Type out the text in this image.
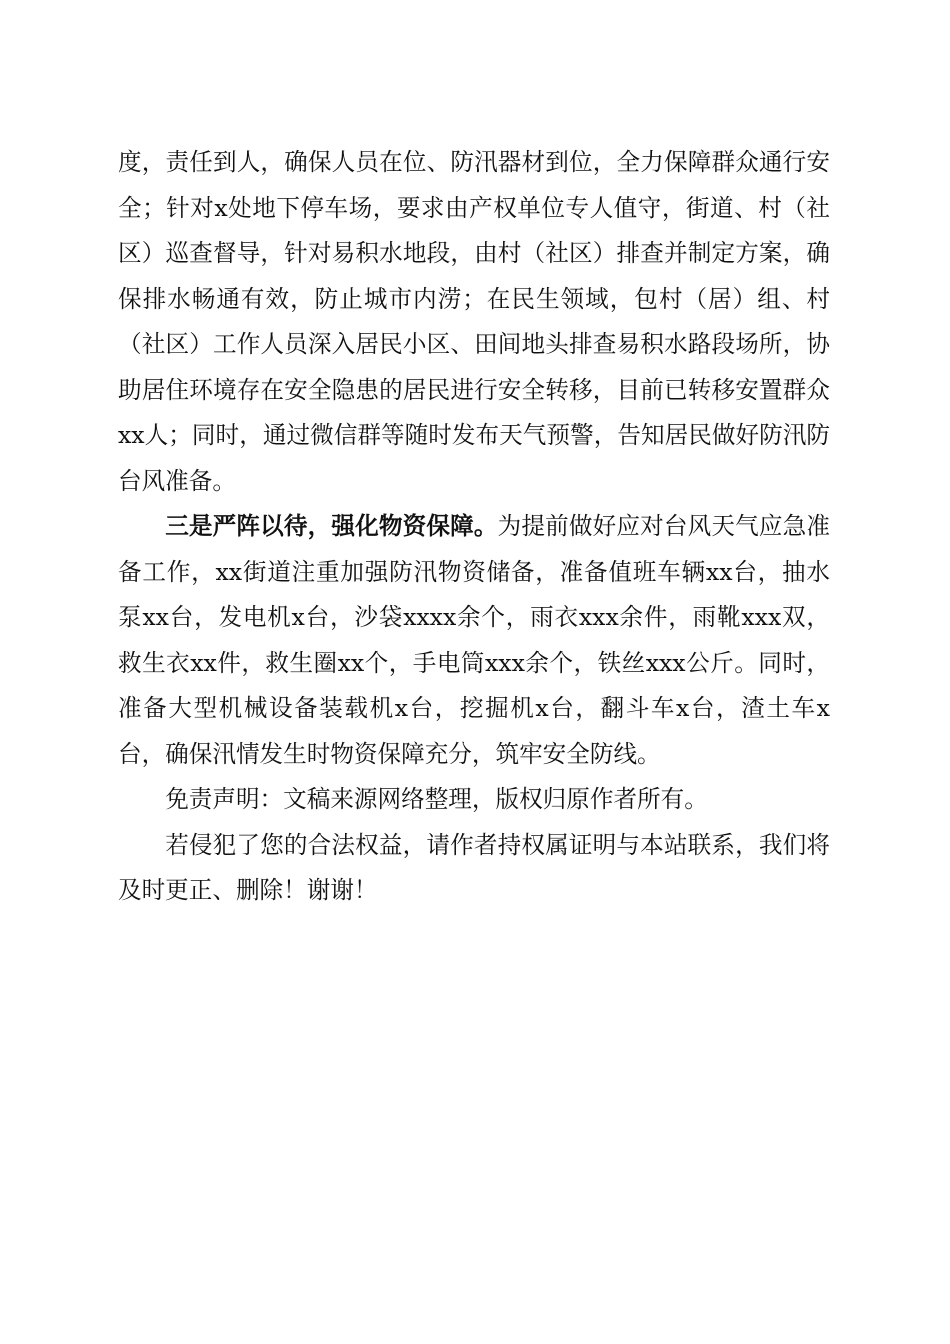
度，责任到人，确保人员在位、防汛器材到位，全力保障群众通行安全；针对x处地下停车场，要求由产权单位专人值守，街道、村（社区）巡查督导，针对易积水地段，由村（社区）排查并制定方案，确保排水畅通有效，防止城市内涝；在民生领域，包村（居）组、村（社区）工作人员深入居民小区、田间地头排查易积水路段场所，协助居住环境存在安全隐患的居民进行安全转移，目前已转移安置群众xx人；同时，通过微信群等随时发布天气预警，告知居民做好防汛防台风准备。

三是严阵以待，强化物资保障。为提前做好应对台风天气应急准备工作，xx街道注重加强防汛物资储备，准备值班车辆xx台，抽水泵xx台，发电机x台，沙袋xxxx余个，雨衣xxx余件，雨靴xxx双，救生衣xx件，救生圈xx个，手电筒xxx余个，铁丝xxx公斤。同时，准备大型机械设备装载机x台，挖掘机x台，翻斗车x台，渣土车x台，确保汛情发生时物资保障充分，筑牢安全防线。

免责声明：文稿来源网络整理，版权归原作者所有。

若侵犯了您的合法权益，请作者持权属证明与本站联系，我们将及时更正、删除！谢谢！
